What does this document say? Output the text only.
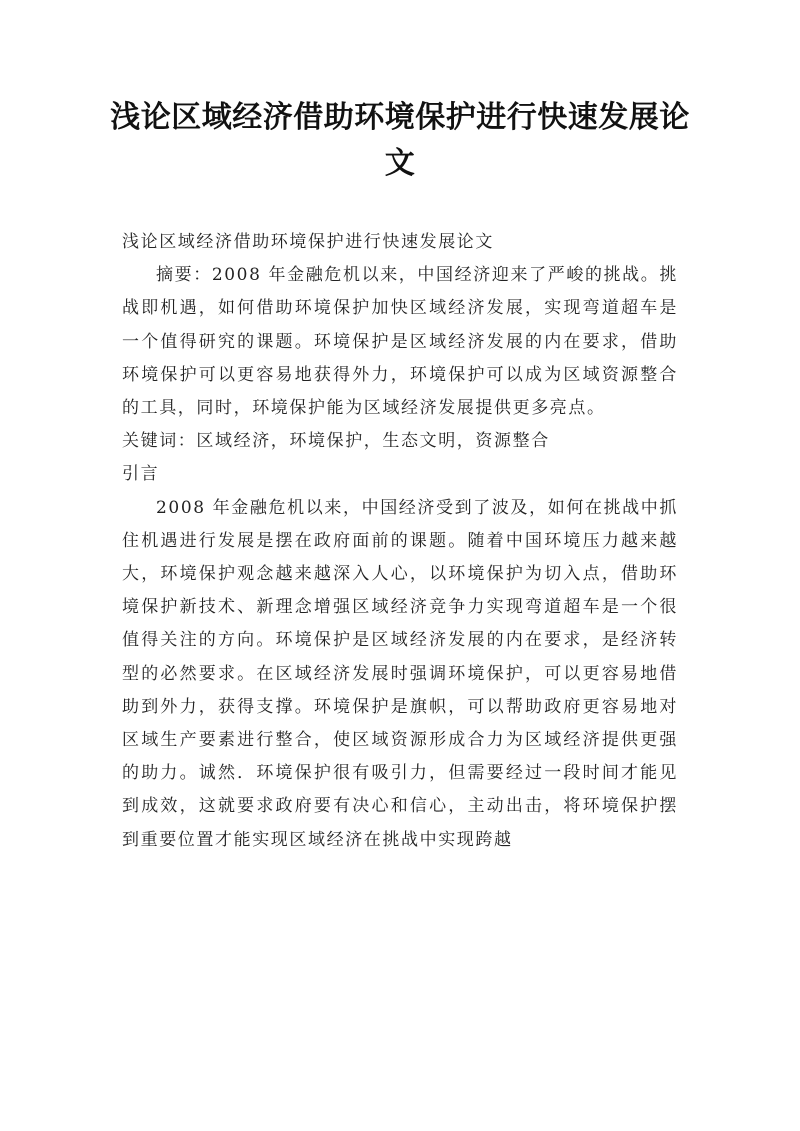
浅论区域经济借助环境保护进行快速发展论文

浅论区域经济借助环境保护进行快速发展论文

摘要：2008 年金融危机以来，中国经济迎来了严峻的挑战。挑战即机遇，如何借助环境保护加快区域经济发展，实现弯道超车是一个值得研究的课题。环境保护是区域经济发展的内在要求，借助环境保护可以更容易地获得外力，环境保护可以成为区域资源整合的工具，同时，环境保护能为区域经济发展提供更多亮点。

关键词：区域经济，环境保护，生态文明，资源整合

引言

2008 年金融危机以来，中国经济受到了波及，如何在挑战中抓住机遇进行发展是摆在政府面前的课题。随着中国环境压力越来越大，环境保护观念越来越深入人心，以环境保护为切入点，借助环境保护新技术、新理念增强区域经济竞争力实现弯道超车是一个很值得关注的方向。环境保护是区域经济发展的内在要求，是经济转型的必然要求。在区域经济发展时强调环境保护，可以更容易地借助到外力，获得支撑。环境保护是旗帜，可以帮助政府更容易地对区域生产要素进行整合，使区域资源形成合力为区域经济提供更强的助力。诚然．环境保护很有吸引力，但需要经过一段时间才能见到成效，这就要求政府要有决心和信心，主动出击，将环境保护摆到重要位置才能实现区域经济在挑战中实现跨越
